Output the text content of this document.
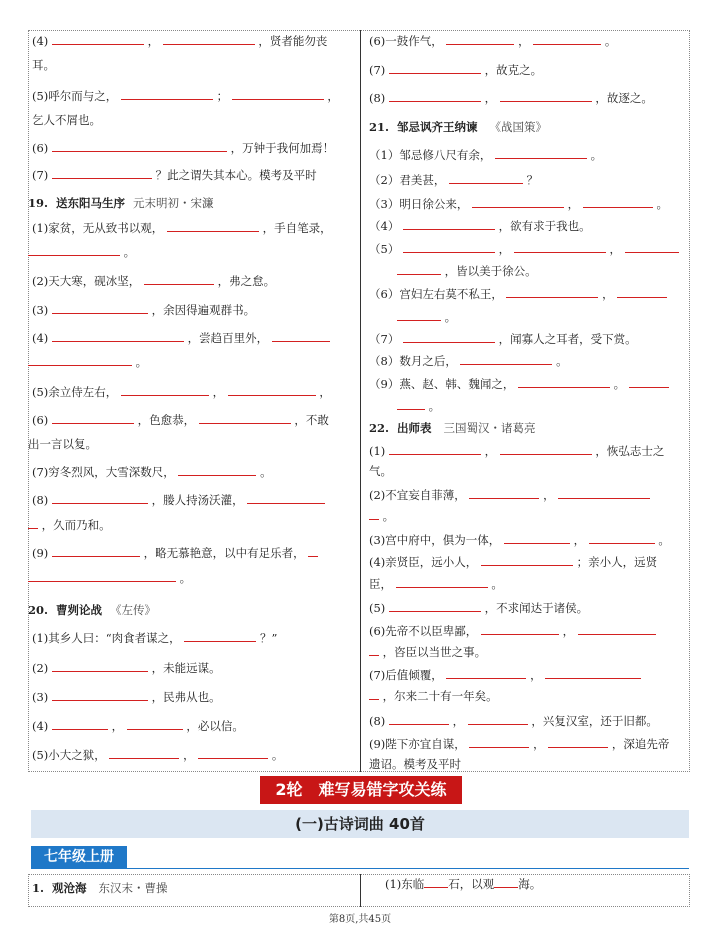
(4)	，	，贤者能勿丧
耳。
(5)呼尔而与之，	；	，
乞人不屑也。
(6)	，万钟于我何加焉！
(7)	？此之谓失其本心。模考及平时
19. 送东阳马生序 元末明初・宋濂
(1)家贫，无从致书以观，	，手自笔录，
。
(2)天大寒，砚冰坚，	，弗之怠。
(3)	，余因得遍观群书。
(4)	，尝趋百里外，
。
(5)余立侍左右，	，	，
(6)	，色愈恭，	，不敢
出一言以复。
(7)穷冬烈风，大雪深数尺，	。
(8)	，媵人持汤沃灌，
，久而乃和。
(9)	，略无慕艳意，以中有足乐者，
。
20. 曹刿论战 《左传》
(1)其乡人曰：“肉食者谋之，	？”
(2)	，未能远谋。
(3)	，民弗从也。
(4)	，	，必以信。
(5)小大之狱，	，	。
(6)一鼓作气，	，	。
(7)	，故克之。
(8)	，	，故逐之。
21. 邹忌讽齐王纳谏 《战国策》
（1）邹忌修八尺有余，	。
（2）君美甚，	？
（3）明日徐公来，	，	。
（4）	，欲有求于我也。
（5）	，	，
，皆以美于徐公。
（6）宫妇左右莫不私王，	，
。
（7）	，闻寡人之耳者，受下赏。
（8）数月之后，	。
（9）燕、赵、韩、魏闻之，	。
。
22. 出师表 三国蜀汉・诸葛亮
(1)	，	，恢弘志士之
气。
(2)不宜妄自菲薄，	，
。
(3)宫中府中，俱为一体，	，	。
(4)亲贤臣，远小人，	；亲小人，远贤
臣，	。
(5)	，不求闻达于诸侯。
(6)先帝不以臣卑鄙，	，
，咨臣以当世之事。
(7)后值倾覆，	，
，尔来二十有一年矣。
(8)	，	，兴复汉室，还于旧都。
(9)陛下亦宜自谋，	，	，深追先帝
遗诏。模考及平时
2轮　难写易错字攻关练
(一)古诗词曲 40首
七年级上册
1. 观沧海 东汉末・曹操	(1)东临 石，以观 海。
第8页,共45页
